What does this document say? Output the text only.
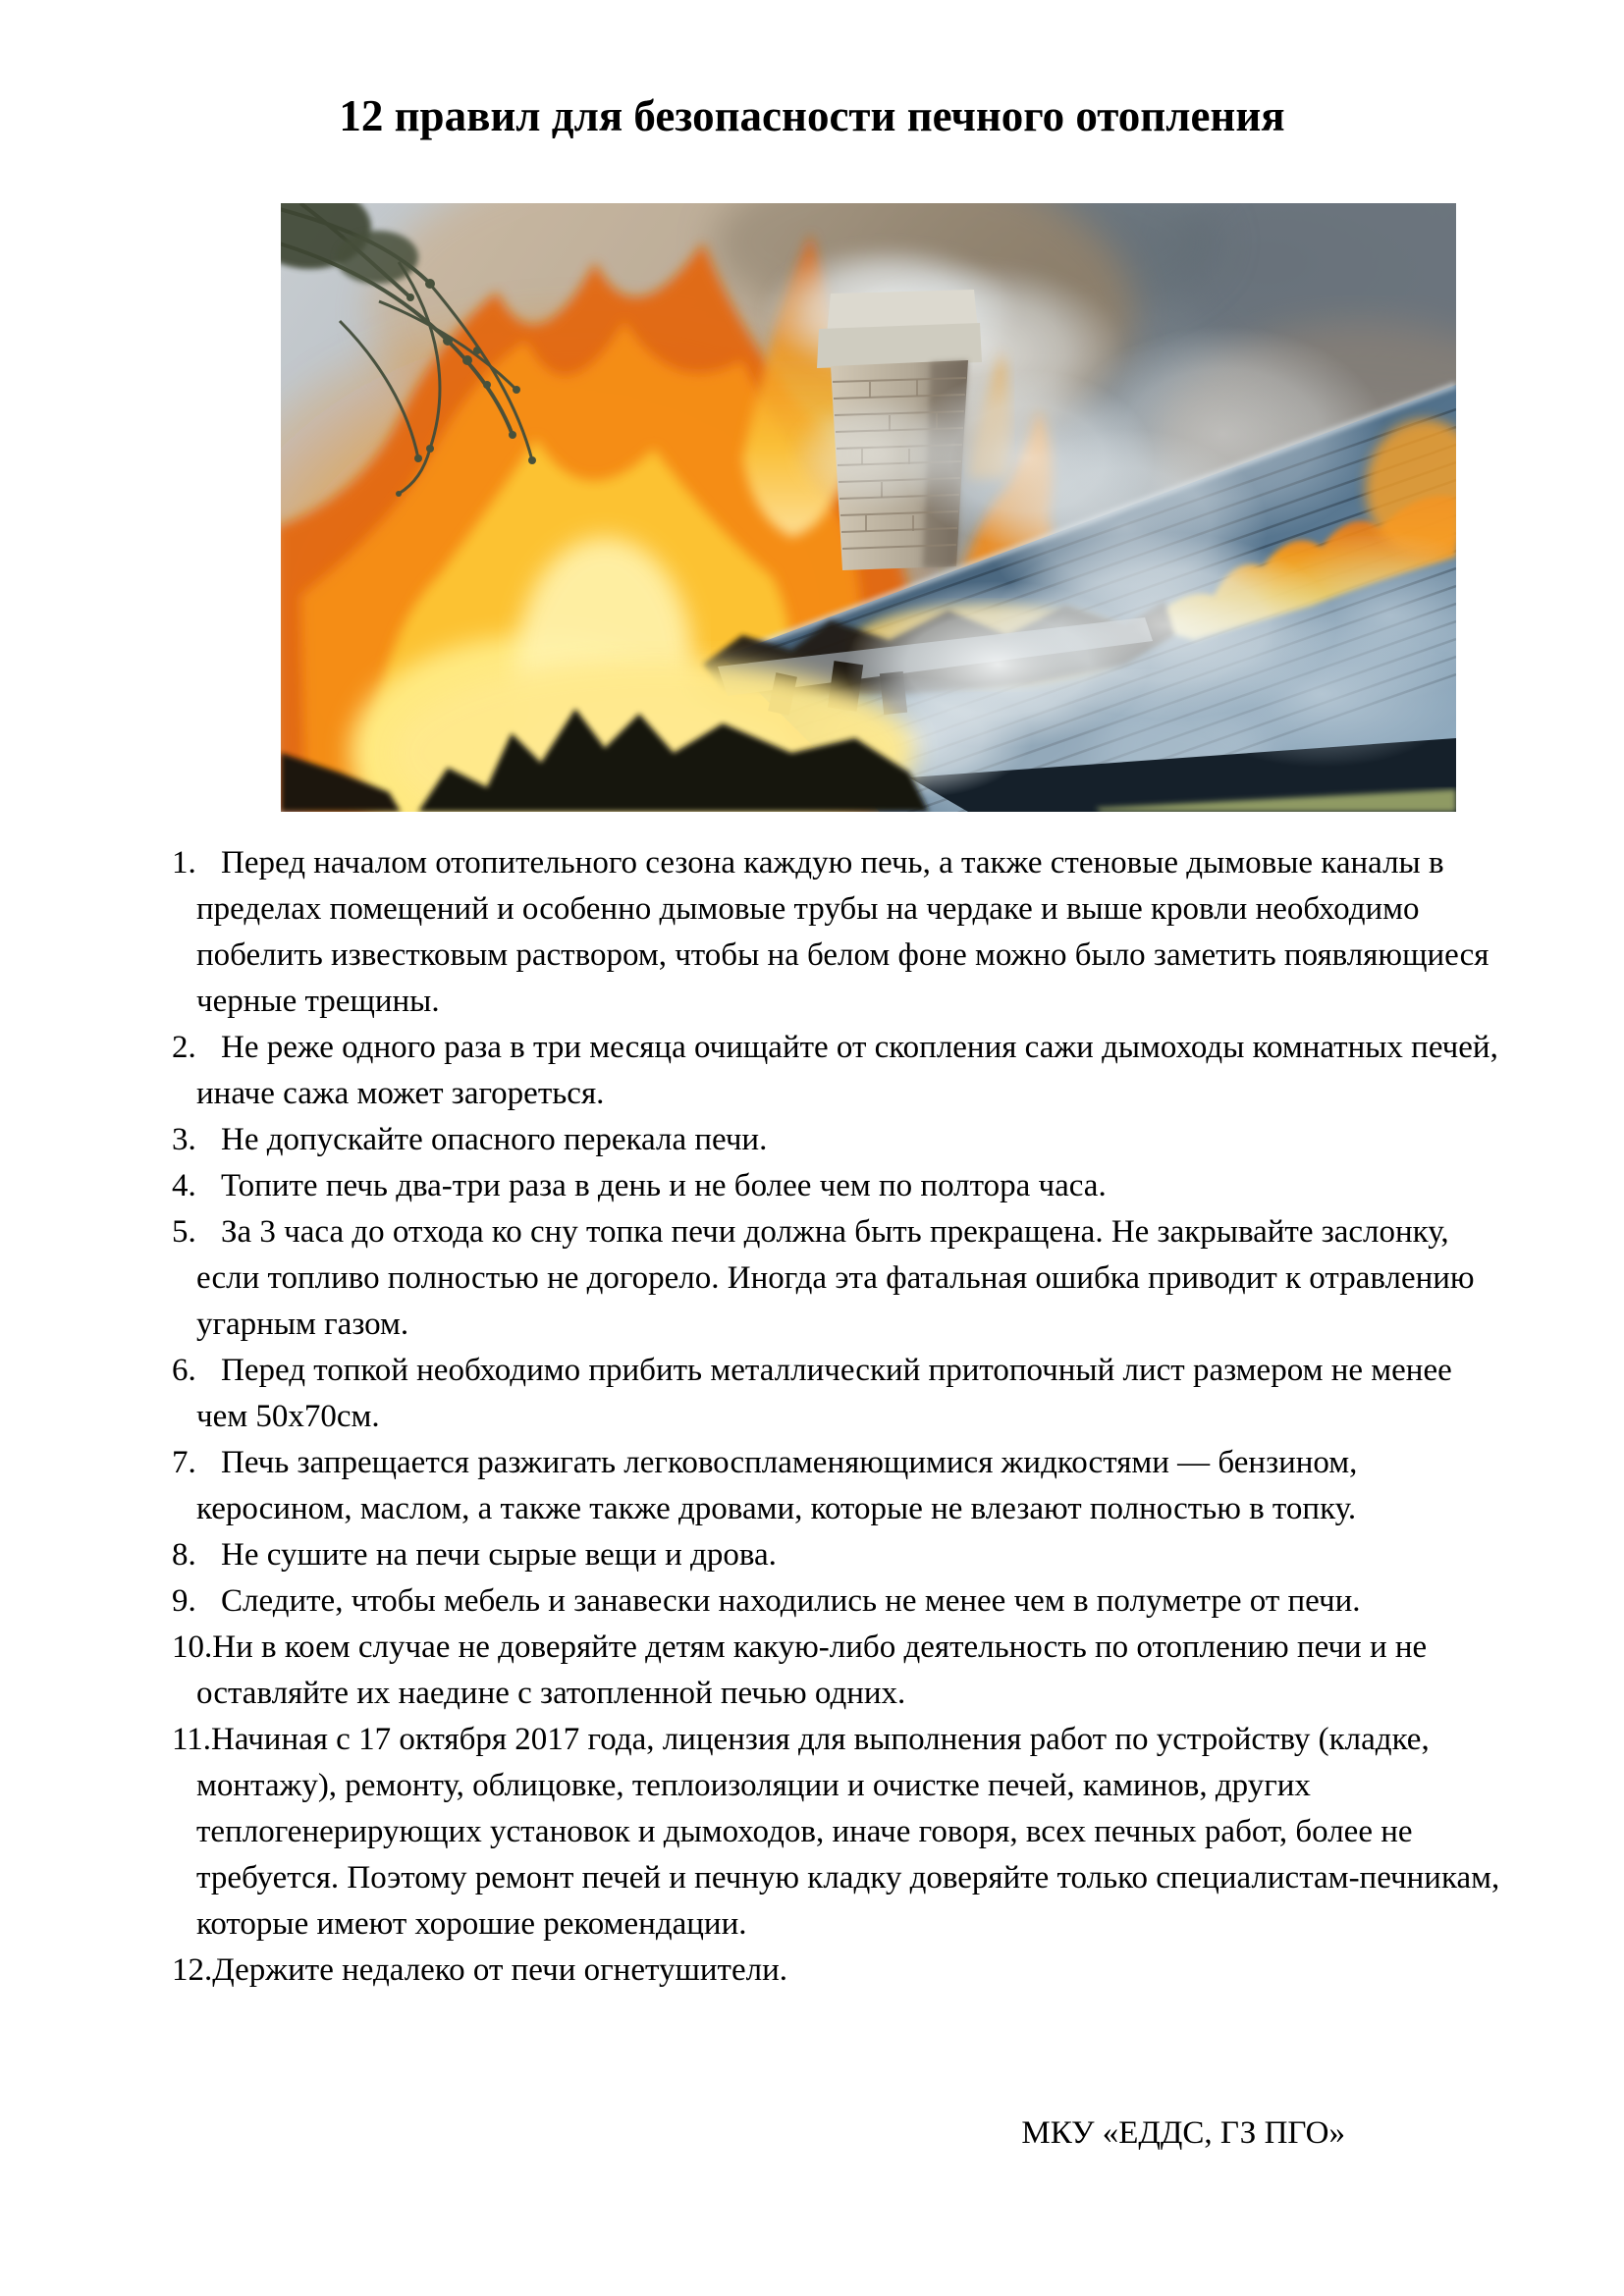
12 правил для безопасности печного отопления
1. Перед началом отопительного сезона каждую печь, а также стеновые дымовые каналы в пределах помещений и особенно дымовые трубы на чердаке и выше кровли необходимо побелить известковым раствором, чтобы на белом фоне можно было заметить появляющиеся черные трещины.
2. Не реже одного раза в три месяца очищайте от скопления сажи дымоходы комнатных печей, иначе сажа может загореться.
3. Не допускайте опасного перекала печи.
4. Топите печь два-три раза в день и не более чем по полтора часа.
5. За 3 часа до отхода ко сну топка печи должна быть прекращена. Не закрывайте заслонку, если топливо полностью не догорело. Иногда эта фатальная ошибка приводит к отравлению угарным газом.
6. Перед топкой необходимо прибить металлический притопочный лист размером не менее чем 50х70см.
7. Печь запрещается разжигать легковоспламеняющимися жидкостями — бензином, керосином, маслом, а также также дровами, которые не влезают полностью в топку.
8. Не сушите на печи сырые вещи и дрова.
9. Следите, чтобы мебель и занавески находились не менее чем в полуметре от печи.
10.Ни в коем случае не доверяйте детям какую-либо деятельность по отоплению печи и не оставляйте их наедине с затопленной печью одних.
11.Начиная с 17 октября 2017 года, лицензия для выполнения работ по устройству (кладке, монтажу), ремонту, облицовке, теплоизоляции и очистке печей, каминов, других теплогенерирующих установок и дымоходов, иначе говоря, всех печных работ, более не требуется. Поэтому ремонт печей и печную кладку доверяйте только специалистам-печникам, которые имеют хорошие рекомендации.
12.Держите недалеко от печи огнетушители.
МКУ «ЕДДС, ГЗ ПГО»
